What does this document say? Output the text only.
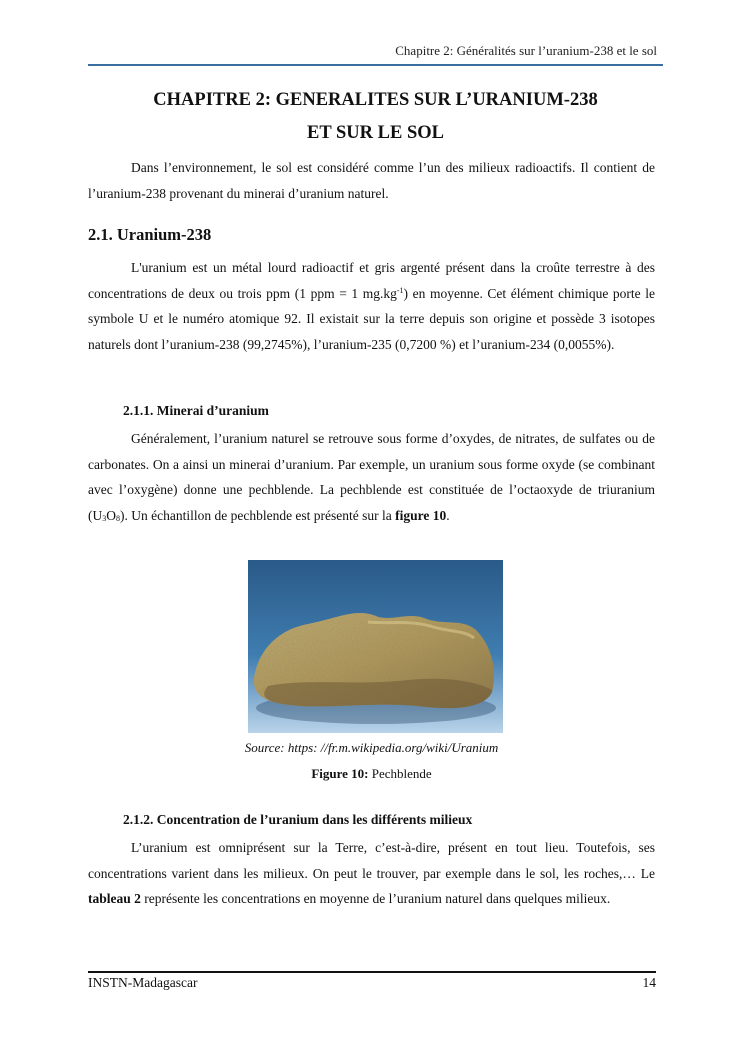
Chapitre 2: Généralités sur l’uranium-238 et le sol
CHAPITRE 2: GENERALITES SUR L’URANIUM-238
ET SUR LE SOL
Dans l’environnement, le sol est considéré comme l’un des milieux radioactifs. Il contient de l’uranium-238 provenant du minerai d’uranium naturel.
2.1. Uranium-238
L'uranium est un métal lourd radioactif et gris argenté présent dans la croûte terrestre à des concentrations de deux ou trois ppm (1 ppm = 1 $mg.kg^{-1}$) en moyenne. Cet élément chimique porte le symbole U et le numéro atomique 92. Il existait sur la terre depuis son origine et possède 3 isotopes naturels dont l’uranium-238 (99,2745%), l’uranium-235 (0,7200 %) et l’uranium-234 (0,0055%).
2.1.1. Minerai d’uranium
Généralement, l’uranium naturel se retrouve sous forme d’oxydes, de nitrates, de sulfates ou de carbonates. On a ainsi un minerai d’uranium. Par exemple, un uranium sous forme oxyde (se combinant avec l’oxygène) donne une pechblende. La pechblende est constituée de l’octaoxyde de triuranium $(U_3O_8)$. Un échantillon de pechblende est présenté sur la figure 10.
Source: https: //fr.m.wikipedia.org/wiki/Uranium
Figure 10: Pechblende
2.1.2. Concentration de l’uranium dans les différents milieux
L’uranium est omniprésent sur la Terre, c’est-à-dire, présent en tout lieu. Toutefois, ses concentrations varient dans les milieux. On peut le trouver, par exemple dans le sol, les roches,… Le tableau 2 représente les concentrations en moyenne de l’uranium naturel dans quelques milieux.
INSTN-Madagascar	14
